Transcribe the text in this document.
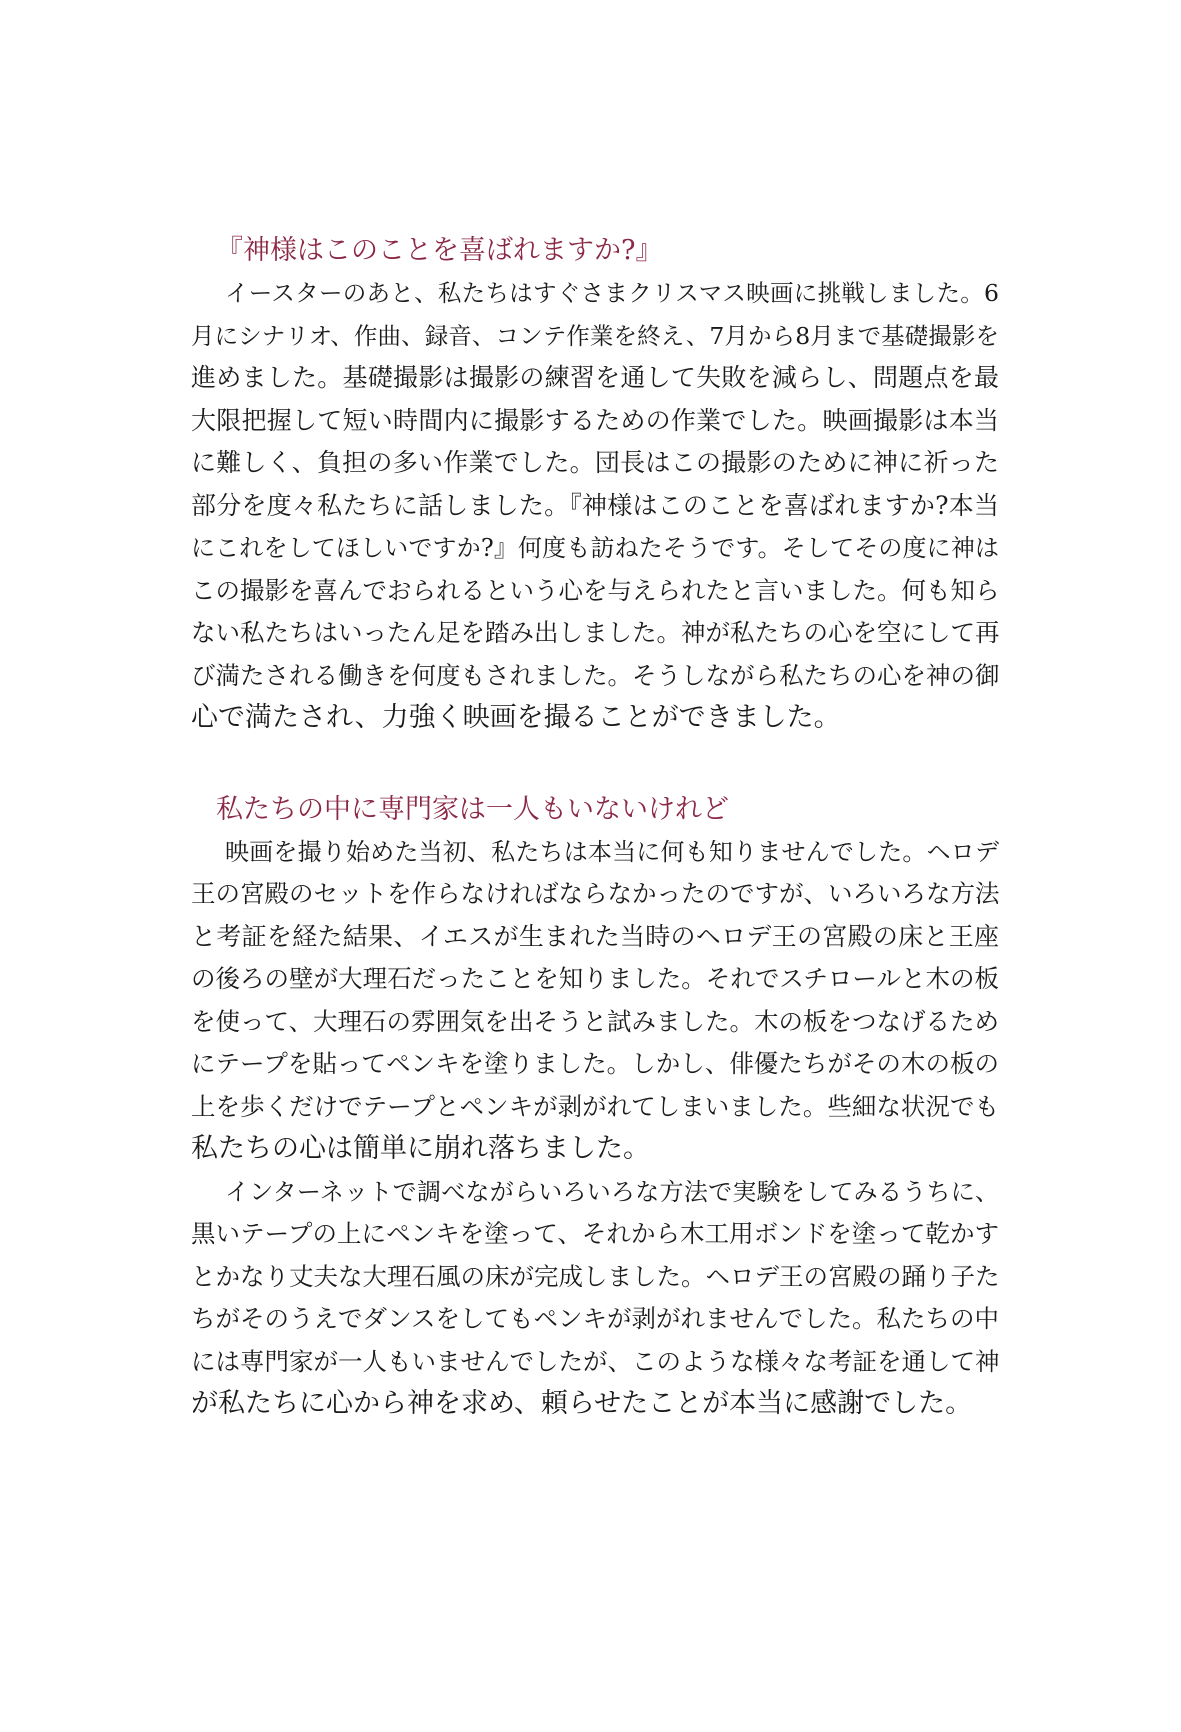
『神様はこのことを喜ばれますか?』
イースターのあと、私たちはすぐさまクリスマス映画に挑戦しました。6
月にシナリオ、作曲、録音、コンテ作業を終え、7月から8月まで基礎撮影を
進めました。基礎撮影は撮影の練習を通して失敗を減らし、問題点を最
大限把握して短い時間内に撮影するための作業でした。映画撮影は本当
に難しく、負担の多い作業でした。団長はこの撮影のために神に祈った
部分を度々私たちに話しました。『神様はこのことを喜ばれますか?本当
にこれをしてほしいですか?』何度も訪ねたそうです。そしてその度に神は
この撮影を喜んでおられるという心を与えられたと言いました。何も知ら
ない私たちはいったん足を踏み出しました。神が私たちの心を空にして再
び満たされる働きを何度もされました。そうしながら私たちの心を神の御
心で満たされ、力強く映画を撮ることができました。
私たちの中に専門家は一人もいないけれど
映画を撮り始めた当初、私たちは本当に何も知りませんでした。ヘロデ
王の宮殿のセットを作らなければならなかったのですが、いろいろな方法
と考証を経た結果、イエスが生まれた当時のヘロデ王の宮殿の床と王座
の後ろの壁が大理石だったことを知りました。それでスチロールと木の板
を使って、大理石の雰囲気を出そうと試みました。木の板をつなげるため
にテープを貼ってペンキを塗りました。しかし、俳優たちがその木の板の
上を歩くだけでテープとペンキが剥がれてしまいました。些細な状況でも
私たちの心は簡単に崩れ落ちました。
インターネットで調べながらいろいろな方法で実験をしてみるうちに、
黒いテープの上にペンキを塗って、それから木工用ボンドを塗って乾かす
とかなり丈夫な大理石風の床が完成しました。ヘロデ王の宮殿の踊り子た
ちがそのうえでダンスをしてもペンキが剥がれませんでした。私たちの中
には専門家が一人もいませんでしたが、このような様々な考証を通して神
が私たちに心から神を求め、頼らせたことが本当に感謝でした。
